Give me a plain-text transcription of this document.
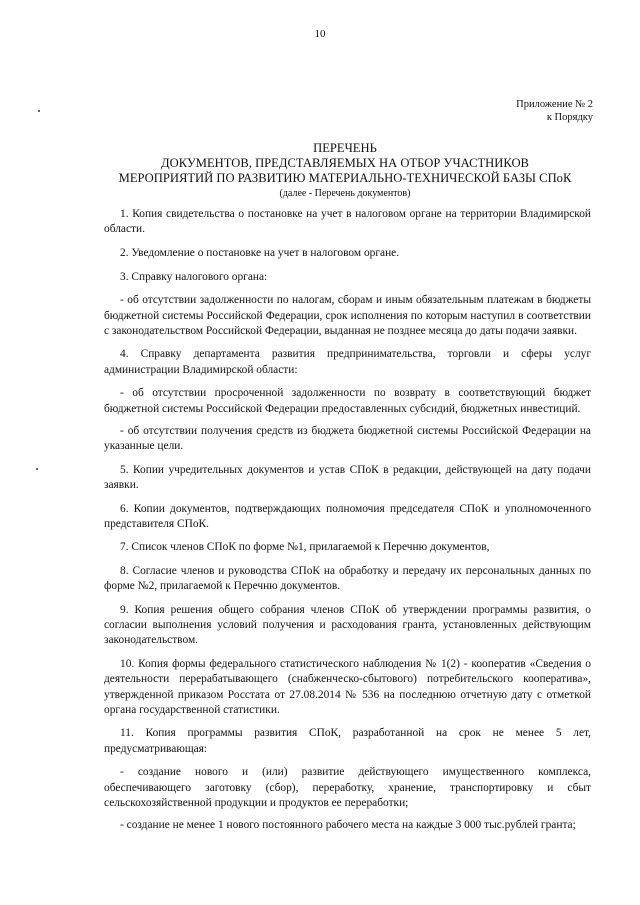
10
Приложение № 2
к Порядку
ПЕРЕЧЕНЬ
ДОКУМЕНТОВ, ПРЕДСТАВЛЯЕМЫХ НА ОТБОР УЧАСТНИКОВ
МЕРОПРИЯТИЙ ПО РАЗВИТИЮ МАТЕРИАЛЬНО-ТЕХНИЧЕСКОЙ БАЗЫ СПоК
(далее - Перечень документов)

1. Копия свидетельства о постановке на учет в налоговом органе на территории Владимирской области.

2. Уведомление о постановке на учет в налоговом органе.

3. Справку налогового органа:

- об отсутствии задолженности по налогам, сборам и иным обязательным платежам в бюджеты бюджетной системы Российской Федерации, срок исполнения по которым наступил в соответствии с законодательством Российской Федерации, выданная не позднее месяца до даты подачи заявки.

4. Справку департамента развития предпринимательства, торговли и сферы услуг администрации Владимирской области:

- об отсутствии просроченной задолженности по возврату в соответствующий бюджет бюджетной системы Российской Федерации предоставленных субсидий, бюджетных инвестиций.

- об отсутствии получения средств из бюджета бюджетной системы Российской Федерации на указанные цели.

5. Копии учредительных документов и устав СПоК в редакции, действующей на дату подачи заявки.

6. Копии документов, подтверждающих полномочия председателя СПоК и уполномоченного представителя СПоК.

7. Список членов СПоК по форме №1, прилагаемой к Перечню документов,

8. Согласие членов и руководства СПоК на обработку и передачу их персональных данных по форме №2, прилагаемой к Перечню документов.

9. Копия решения общего собрания членов СПоК об утверждении программы развития, о согласии выполнения условий получения и расходования гранта, установленных действующим законодательством.

10. Копия формы федерального статистического наблюдения № 1(2) - кооператив «Сведения о деятельности перерабатывающего (снабженческо-сбытового) потребительского кооператива», утвержденной приказом Росстата от 27.08.2014 № 536 на последнюю отчетную дату с отметкой органа государственной статистики.

11. Копия программы развития СПоК, разработанной на срок не менее 5 лет, предусматривающая:

- создание нового и (или) развитие действующего имущественного комплекса, обеспечивающего заготовку (сбор), переработку, хранение, транспортировку и сбыт сельскохозяйственной продукции и продуктов ее переработки;

- создание не менее 1 нового постоянного рабочего места на каждые 3 000 тыс.рублей гранта;
